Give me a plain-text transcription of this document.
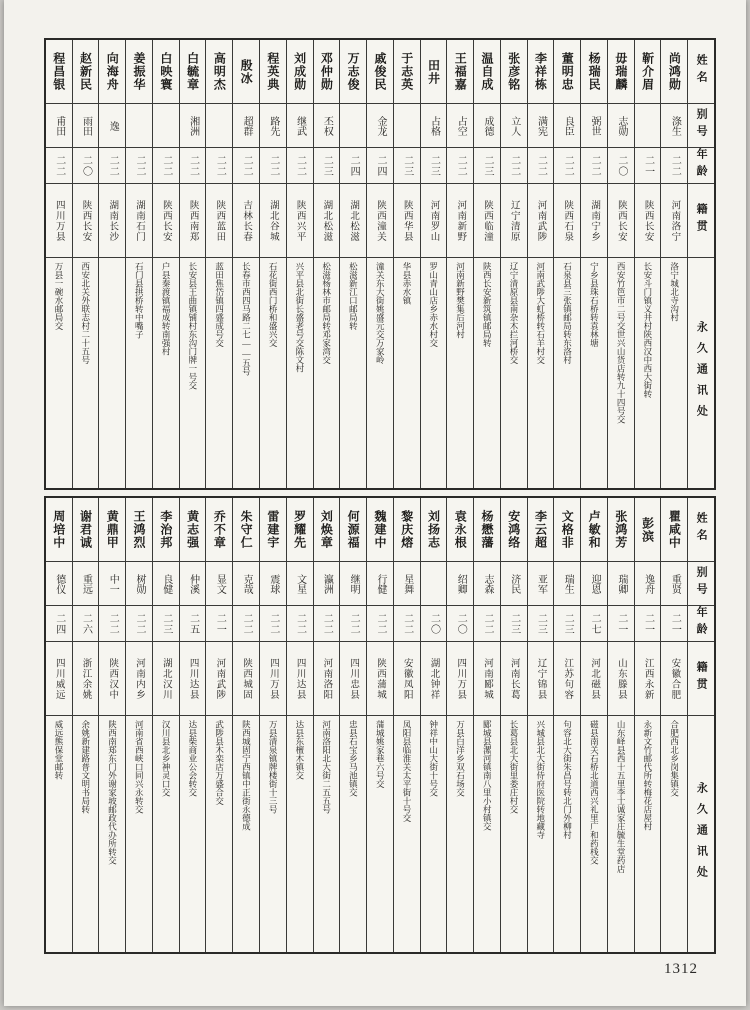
姓名
别号
年龄
籍贯
永久通讯处
尚鸿勋
涤生
二二
河南洛宁
洛宁城北寺沟村
靳介眉
二一
陕西长安
长安斗门镇义井村陕西汉中西大街转
毋瑞麟
志勋
二〇
陕西长安
西安竹笆市二号交世兴山货店转九十四号交
杨瑞民
弼世
二二
湖南宁乡
宁乡县珠石桥转袁林塘
董明忠
良臣
二二
陕西石泉
石泉县三张镇邮局转东洛村
李祥栋
满宪
二二
河南武陟
河南武陟大虹桥转石羊村交
张彦铭
立人
二二
辽宁清原
辽宁清原县南杂木拦河桥交
温自成
成德
二三
陕西临潼
陕西长安新筑镇邮局转
王福嘉
占空
二二
河南新野
河南新野樊集后河村
田井
占格
二三
河南罗山
罗山青山店乡赤水村交
于志英
二三
陕西华县
华县赤水镇
戚俊民
金龙
二四
陕西潼关
潼关东大街姚盛元交万家岭
万志俊
二四
湖北松滋
松滋新江口邮局转
邓仲勋
丕权
二三
湖北松滋
松滋杨林市邮局转邓家湾交
刘成勋
继武
二二
陕西兴平
兴平县北街长盛老号交陈文村
程英典
路先
二二
湖北谷城
石花街西门桥和盛兴交
殷冰
超群
二二
吉林长春
长春市西四马路二七——五号
高明杰
二二
陕西蓝田
蓝田焦岱镇四盛成号交
白毓章
湘洲
二二
陕西南郑
长安县王曲镇铺村东沟门牌一号交
白映寰
二二
陕西长安
户县秦渡镇福成转南强村
姜振华
二二
湖南石门
石门县拱桥转中嘴子
向海舟
逸
二二
湖南长沙
赵新民
雨田
二〇
陕西长安
西安北关外联志村二十五号
程昌银
甫田
二二
四川万县
万县一碗水邮局交
姓名
别号
年龄
籍贯
永久通讯处
瞿咸中
重贤
二一
安徽合肥
合肥西北乡岗集镇交
彭滨
逸舟
二一
江西永新
永新文竹邮代所转梅花店屋村
张鸿芳
瑞卿
二一
山东滕县
山东峄县西十五里李士诚家庄毓生堂药店
卢敏和
迎恩
二七
河北磁县
磁县南关石桥北道西兴礼里广和药栈交
文格非
瑞生
二三
江苏句容
句容北大街朱昌号转北门外柳村
李云超
亚军
二三
辽宁锦县
兴城县北大街侍府医院转地藏寺
安鸿络
济民
二三
河南长葛
长葛县北大街里娄庄村交
杨懋藩
志森
二二
河南郾城
郾城县漯河镇南八里小村镇交
袁永根
绍卿
二〇
四川万县
万县白洋乡双石场交
刘扬志
二〇
湖北钟祥
钟祥中山大街十号交
黎庆熔
星舞
二二
安徽凤阳
凤阳县临淮关太平街十号交
魏建中
行健
二二
陕西蒲城
蒲城姚家巷六号交
何源福
继明
二二
四川忠县
忠县石宝乡马池镇交
刘焕章
瀛洲
二二
河南洛阳
河南洛阳北大街二五五号
罗耀先
文星
二二
四川达县
达县东檀木镇交
雷建宇
震球
二二
四川万县
万县清泉镇牌楼街十三号
朱守仁
克哉
二二
陕西城固
陕西城固宁西镇中正街永德成
乔不章
显文
二一
河南武陟
武陟县木栾店万盛合交
黄志强
仲溪
二五
四川达县
达县柴商业公会转交
李治邦
良健
二三
湖北汉川
汉川县北乡神灵口交
王鸿烈
树勋
二二
河南内乡
河南省西峡口同兴永转交
黄鼎甲
中一
二二
陕西汉中
陕西南郑东门外谢家坡邮政代办所转交
谢君诚
重远
二六
浙江余姚
余姚新建路普文明书局转
周培中
德仪
二四
四川威远
威远熊保堂邮转
1312
